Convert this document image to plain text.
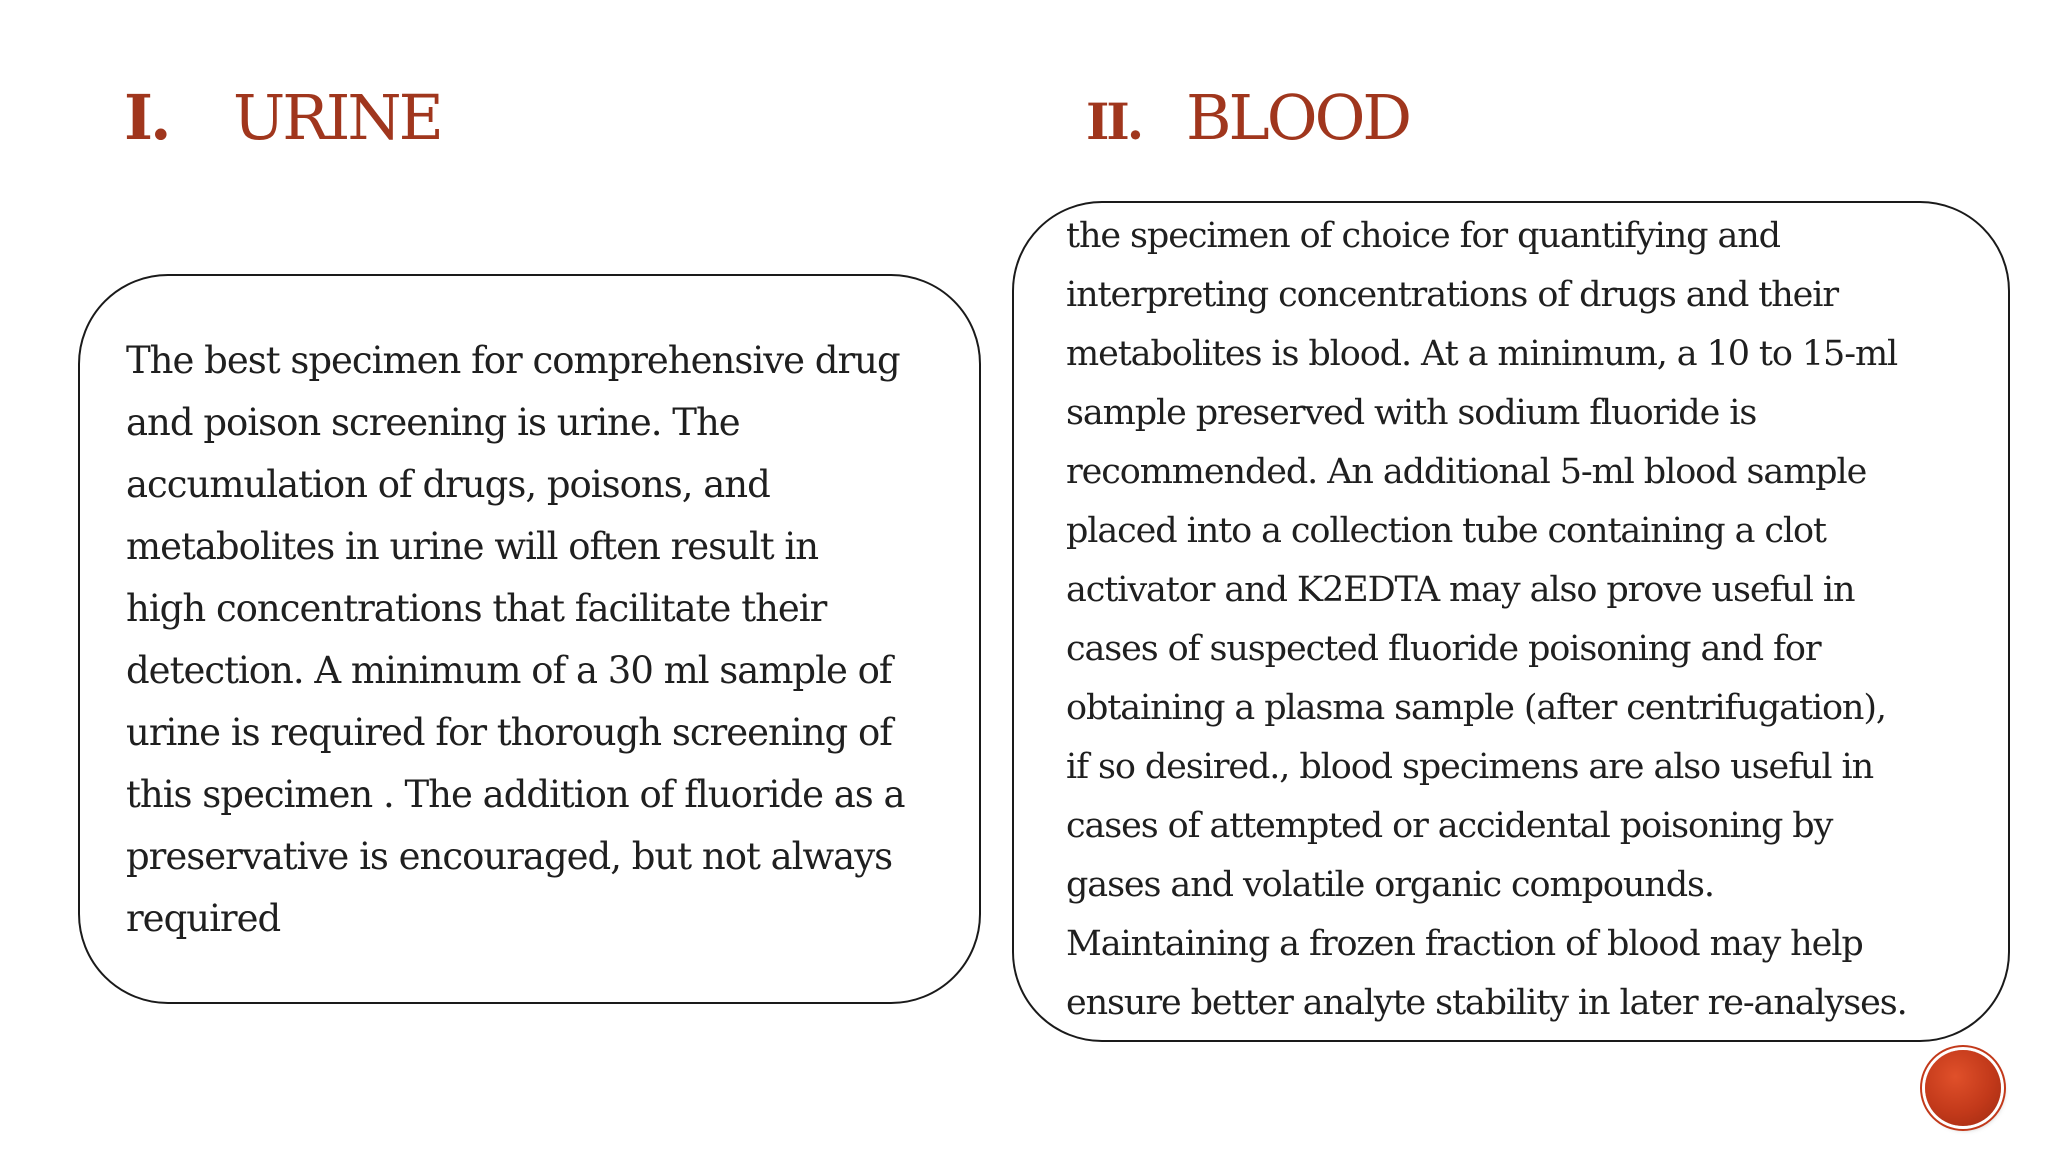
I.	URINE	II. BLOOD

The best specimen for comprehensive drug
and poison screening is urine. The
accumulation of drugs, poisons, and
metabolites in urine will often result in
high concentrations that facilitate their
detection. A minimum of a 30 ml sample of
urine is required for thorough screening of
this specimen . The addition of fluoride as a
preservative is encouraged, but not always
required

the specimen of choice for quantifying and
interpreting concentrations of drugs and their
metabolites is blood. At a minimum, a 10 to 15-ml
sample preserved with sodium fluoride is
recommended. An additional 5-ml blood sample
placed into a collection tube containing a clot
activator and K2EDTA may also prove useful in
cases of suspected fluoride poisoning and for
obtaining a plasma sample (after centrifugation),
if so desired., blood specimens are also useful in
cases of attempted or accidental poisoning by
gases and volatile organic compounds.
Maintaining a frozen fraction of blood may help
ensure better analyte stability in later re-analyses.
